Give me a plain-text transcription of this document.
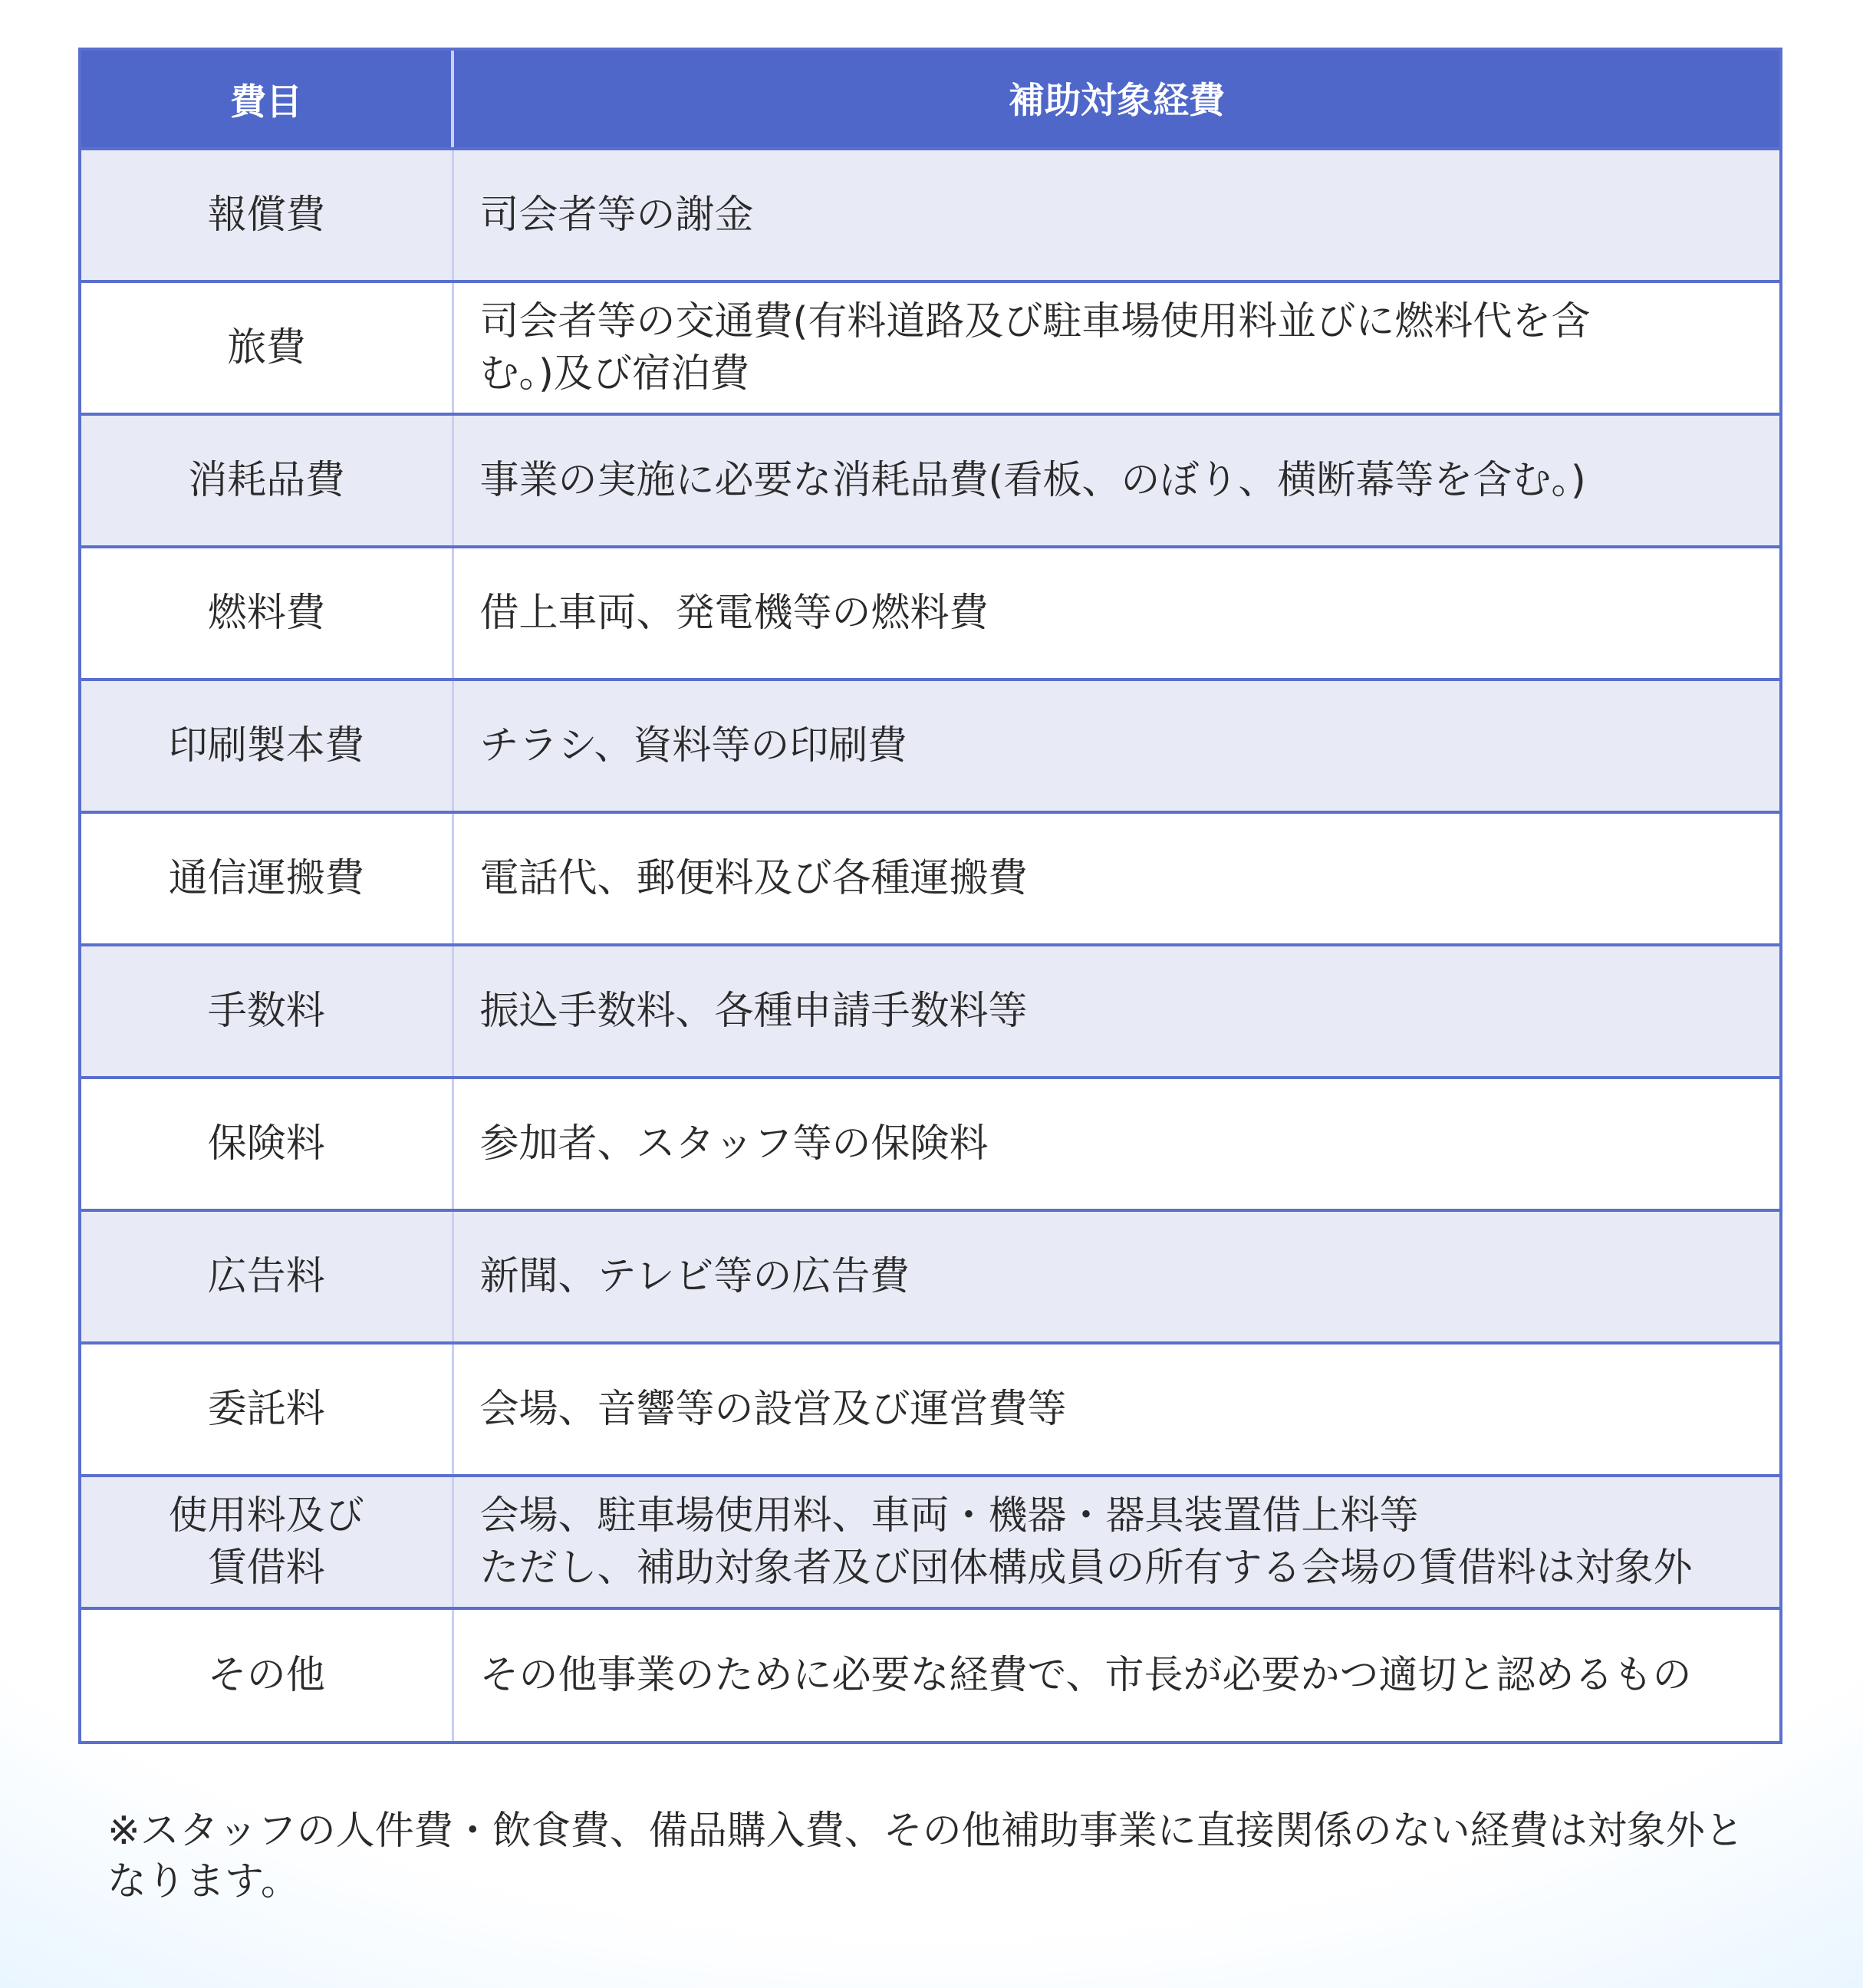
費目	補助対象経費

報償費	司会者等の謝金

旅費	司会者等の交通費(有料道路及び駐車場使用料並びに燃料代を含
む。)及び宿泊費

消耗品費	事業の実施に必要な消耗品費(看板、のぼり、横断幕等を含む。)

燃料費	借上車両、発電機等の燃料費

印刷製本費	チラシ、資料等の印刷費

通信運搬費	電話代、郵便料及び各種運搬費

手数料	振込手数料、各種申請手数料等

保険料	参加者、スタッフ等の保険料

広告料	新聞、テレビ等の広告費

委託料	会場、音響等の設営及び運営費等

使用料及び
賃借料	会場、駐車場使用料、車両・機器・器具装置借上料等
ただし、補助対象者及び団体構成員の所有する会場の賃借料は対象外

その他	その他事業のために必要な経費で、市長が必要かつ適切と認めるもの
※スタッフの人件費・飲食費、備品購入費、その他補助事業に直接関係のない経費は対象外と
なります。
